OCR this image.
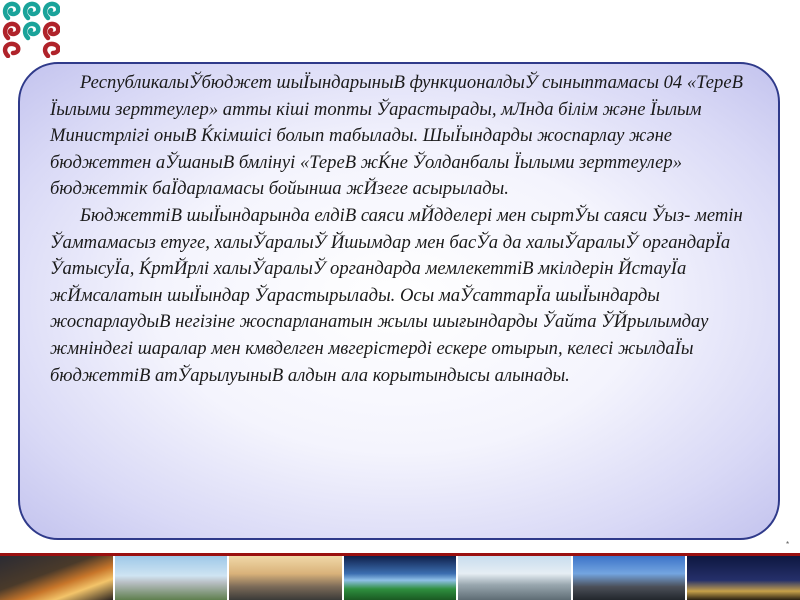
РеспубликалыЎбюджет шыЇындарыныВ функционалдыЎ сыныптамасы 04 «ТереВ Їылыми зерттеулер» атты кіші топты Ўарастырады, мЛнда білім және Їылым Министрлігі оныВ Ќкімшісі болып табылады. ШыЇындарды жоспарлау және бюджеттен аЎшаныВ бмлінуі «ТереВ жЌне Ўолданбалы Їылыми зерттеулер» бюджеттік баЇдарламасы бойынша жЙзеге асырылады.

БюджеттіВ шыЇындарында елдіВ саяси мЙдделері мен сыртЎы саяси Ўыз- метін Ўамтамасыз етуге, халыЎаралыЎ Йшымдар мен басЎа да халыЎаралыЎ органдарЇа ЎатысуЇа, ЌртЙрлі халыЎаралыЎ органдарда мемлекеттіВ мкілдерін ЙстауЇа жЙмсалатын шыЇындар Ўарастырылады. Осы маЎсаттарЇа шыЇындарды жоспарлаудыВ негізіне жоспарланатын жылы шығындарды Ўайта ЎЙрылымдау жмніндегі шаралар мен кмвделген мвгерістерді ескере отырып, келесі жылдаЇы бюджеттіВ атЎарылуыныВ алдын ала корытындысы алынады.

*
